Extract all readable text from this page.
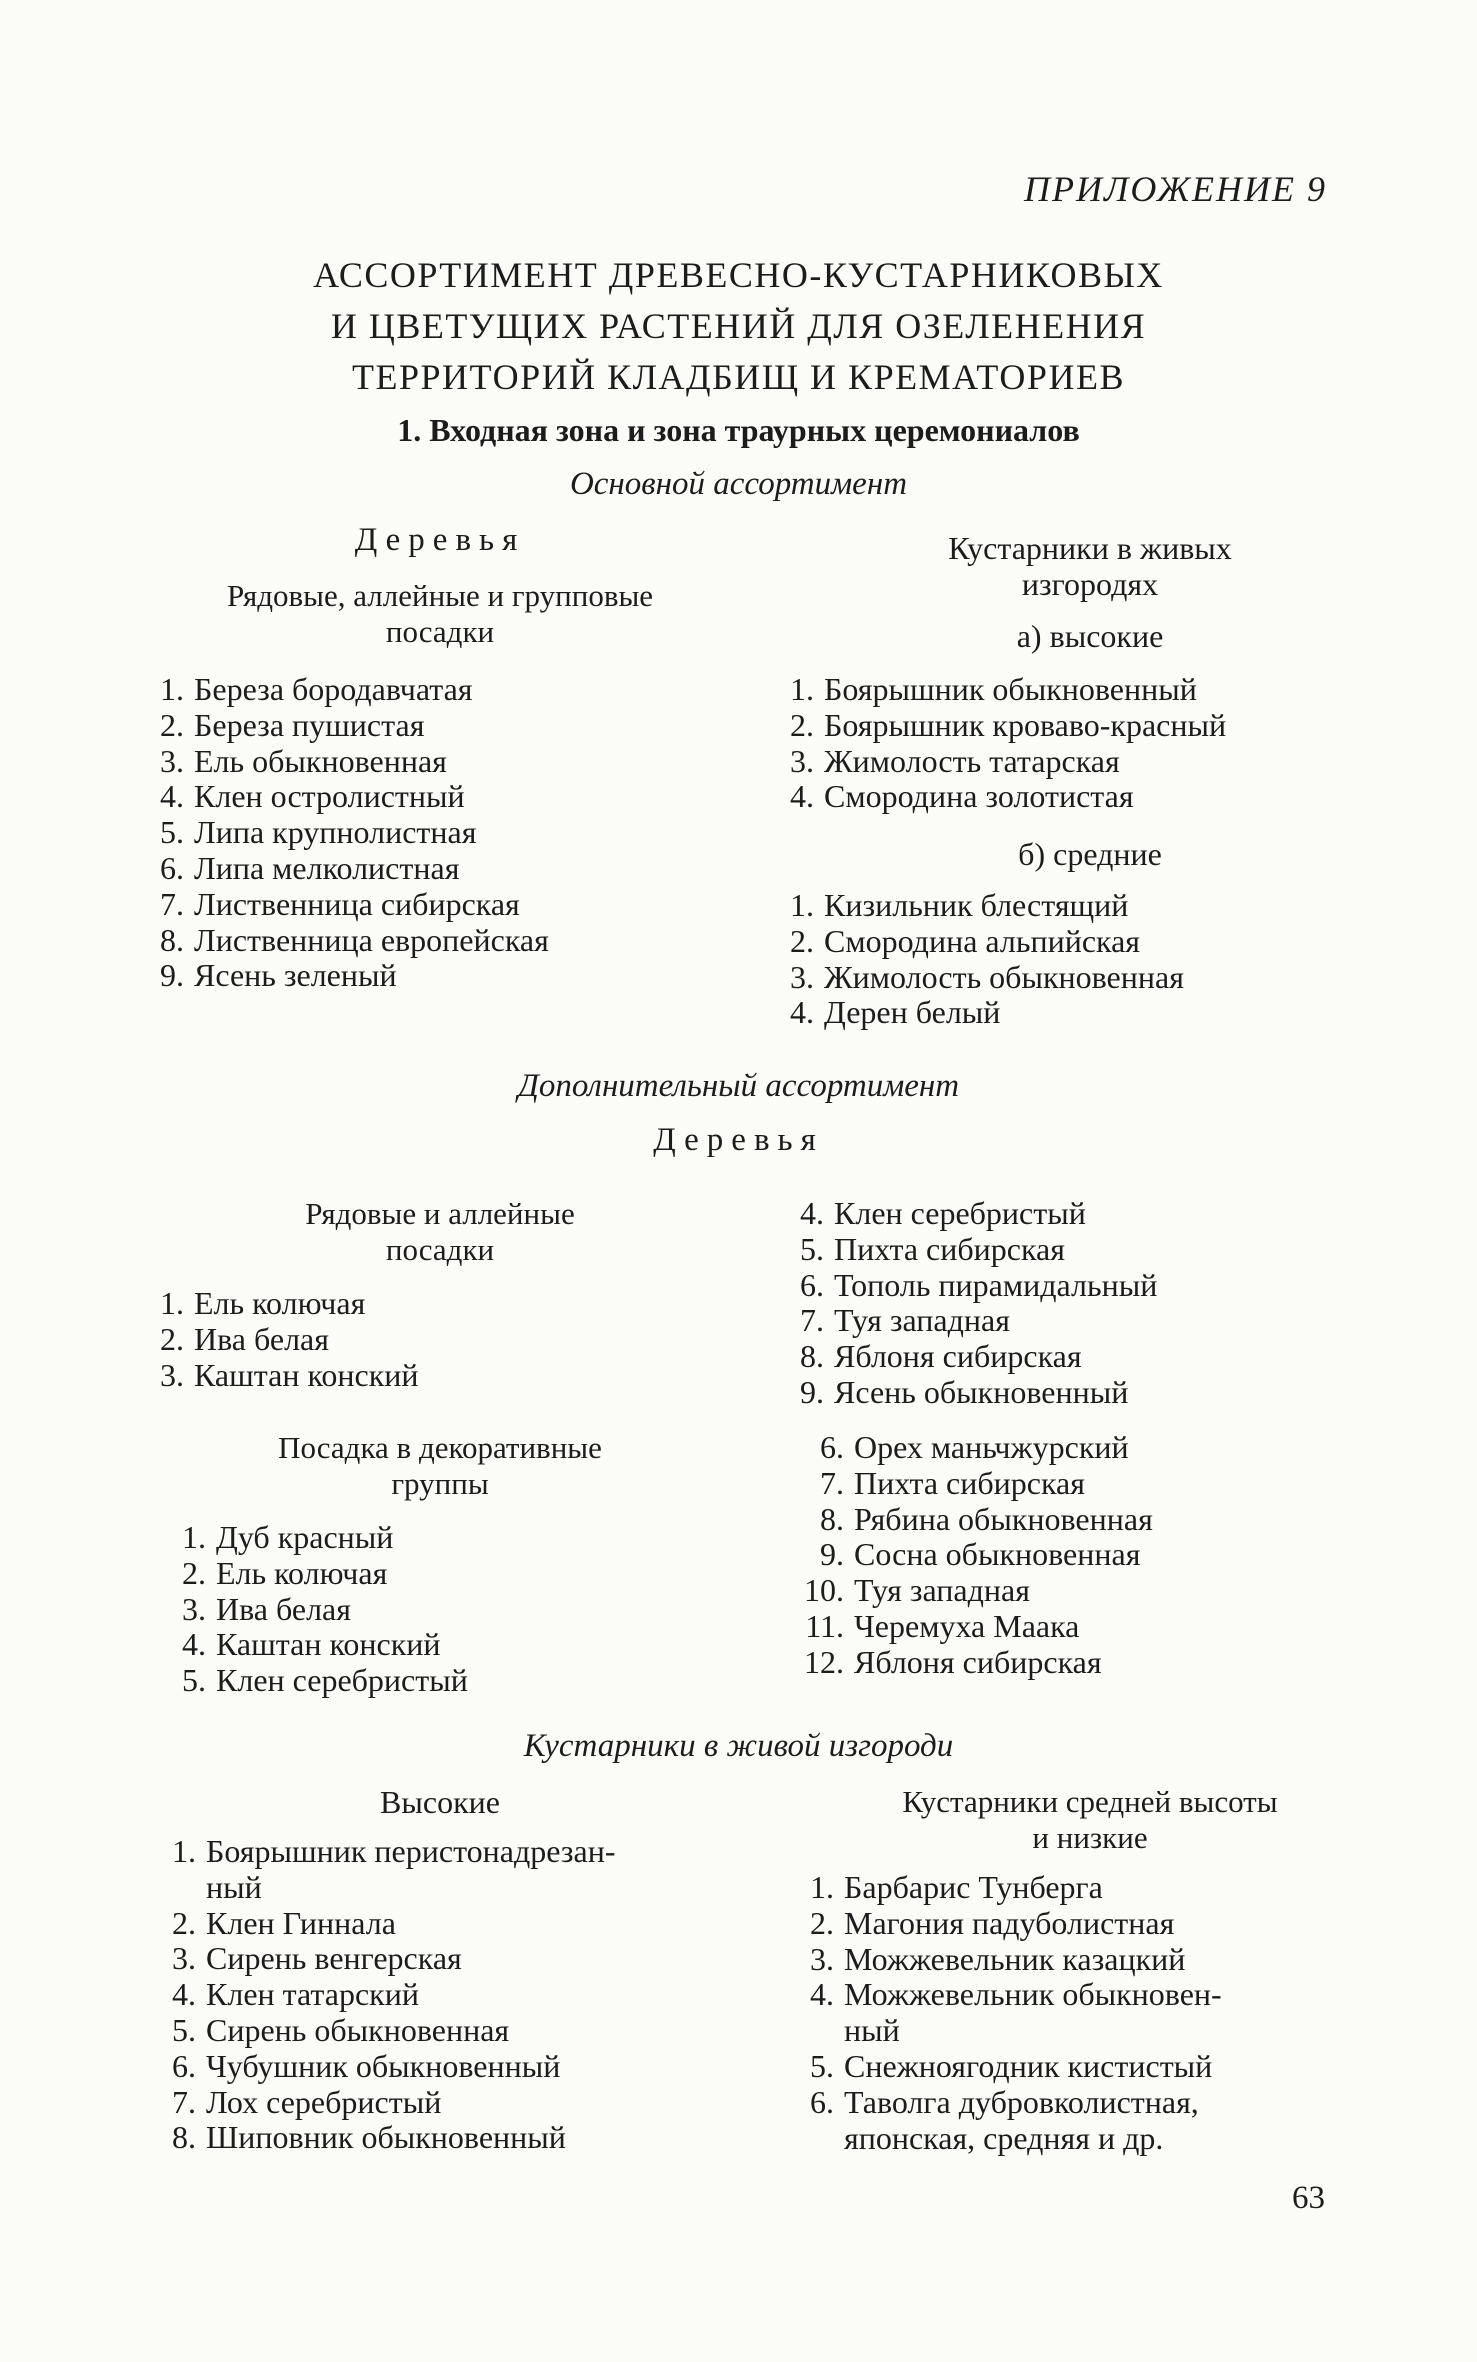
ПРИЛОЖЕНИЕ 9
АССОРТИМЕНТ ДРЕВЕСНО-КУСТАРНИКОВЫХ
И ЦВЕТУЩИХ РАСТЕНИЙ ДЛЯ ОЗЕЛЕНЕНИЯ
ТЕРРИТОРИЙ КЛАДБИЩ И КРЕМАТОРИЕВ
1. Входная зона и зона траурных церемониалов
Основной ассортимент
Деревья
Рядовые, аллейные и групповые
посадки
1. Береза бородавчатая
2. Береза пушистая
3. Ель обыкновенная
4. Клен остролистный
5. Липа крупнолистная
6. Липа мелколистная
7. Лиственница сибирская
8. Лиственница европейская
9. Ясень зеленый
Кустарники в живых
изгородях
а) высокие
1. Боярышник обыкновенный
2. Боярышник кроваво-красный
3. Жимолость татарская
4. Смородина золотистая
б) средние
1. Кизильник блестящий
2. Смородина альпийская
3. Жимолость обыкновенная
4. Дерен белый
Дополнительный ассортимент
Деревья
Рядовые и аллейные
посадки
1. Ель колючая
2. Ива белая
3. Каштан конский
4. Клен серебристый
5. Пихта сибирская
6. Тополь пирамидальный
7. Туя западная
8. Яблоня сибирская
9. Ясень обыкновенный
Посадка в декоративные
группы
1. Дуб красный
2. Ель колючая
3. Ива белая
4. Каштан конский
5. Клен серебристый
6. Орех маньчжурский
7. Пихта сибирская
8. Рябина обыкновенная
9. Сосна обыкновенная
10. Туя западная
11. Черемуха Маака
12. Яблоня сибирская
Кустарники в живой изгороди
Высокие
1. Боярышник перистонадрезан-
ный
2. Клен Гиннала
3. Сирень венгерская
4. Клен татарский
5. Сирень обыкновенная
6. Чубушник обыкновенный
7. Лох серебристый
8. Шиповник обыкновенный
Кустарники средней высоты
и низкие
1. Барбарис Тунберга
2. Магония падуболистная
3. Можжевельник казацкий
4. Можжевельник обыкновен-
ный
5. Снежноягодник кистистый
6. Таволга дубровколистная,
японская, средняя и др.
63
